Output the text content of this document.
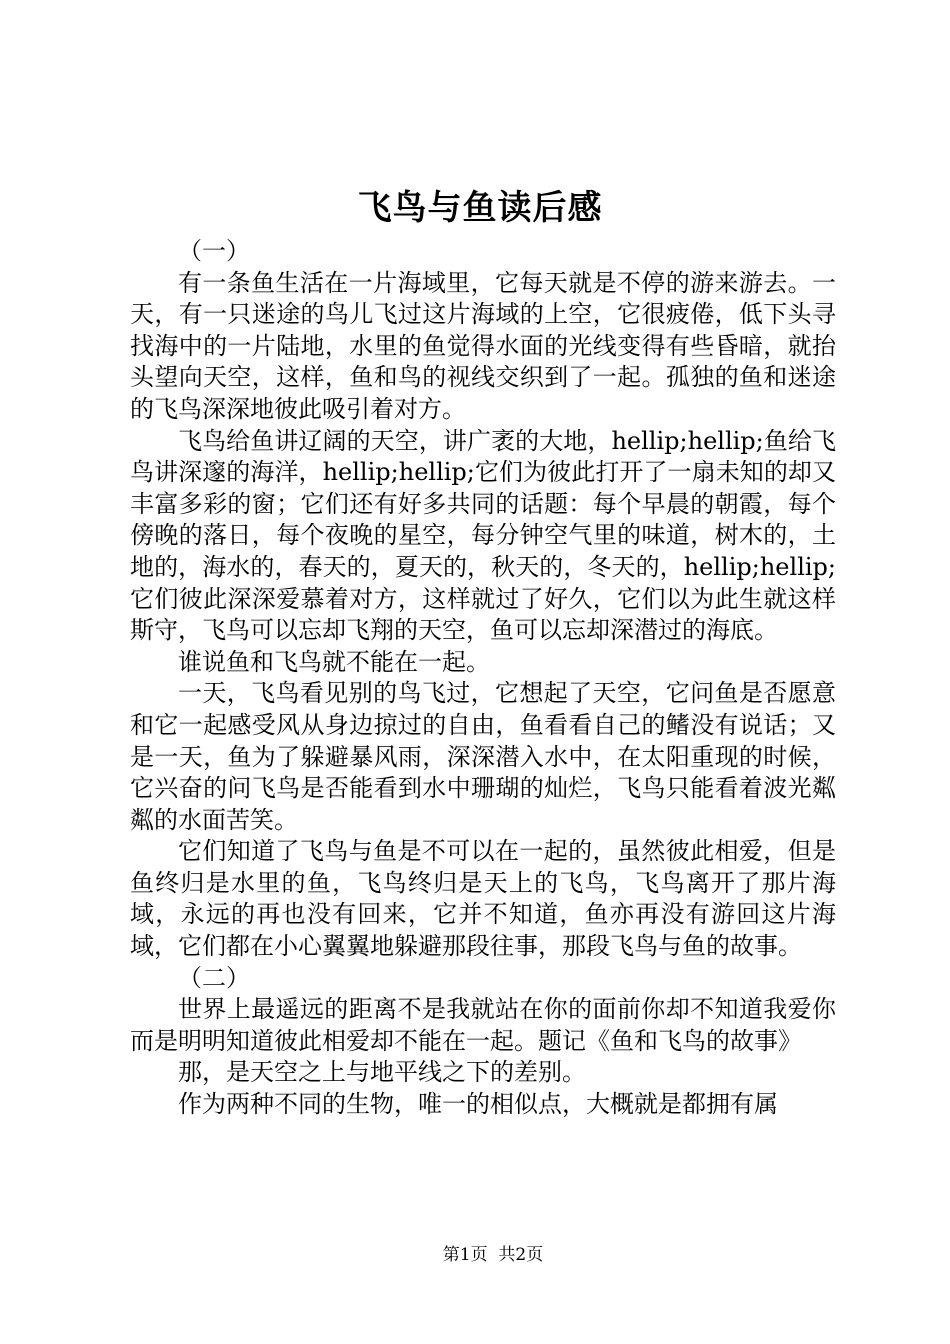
飞鸟与鱼读后感

（一）

有一条鱼生活在一片海域里，它每天就是不停的游来游去。一天，有一只迷途的鸟儿飞过这片海域的上空，它很疲倦，低下头寻找海中的一片陆地，水里的鱼觉得水面的光线变得有些昏暗，就抬头望向天空，这样，鱼和鸟的视线交织到了一起。孤独的鱼和迷途的飞鸟深深地彼此吸引着对方。

飞鸟给鱼讲辽阔的天空，讲广袤的大地，hellip;hellip;鱼给飞鸟讲深邃的海洋，hellip;hellip;它们为彼此打开了一扇未知的却又丰富多彩的窗；它们还有好多共同的话题：每个早晨的朝霞，每个傍晚的落日，每个夜晚的星空，每分钟空气里的味道，树木的，土地的，海水的，春天的，夏天的，秋天的，冬天的，hellip;hellip;它们彼此深深爱慕着对方，这样就过了好久，它们以为此生就这样斯守，飞鸟可以忘却飞翔的天空，鱼可以忘却深潜过的海底。

谁说鱼和飞鸟就不能在一起。

一天，飞鸟看见别的鸟飞过，它想起了天空，它问鱼是否愿意和它一起感受风从身边掠过的自由，鱼看看自己的鳍没有说话；又是一天，鱼为了躲避暴风雨，深深潜入水中，在太阳重现的时候，它兴奋的问飞鸟是否能看到水中珊瑚的灿烂，飞鸟只能看着波光粼粼的水面苦笑。

它们知道了飞鸟与鱼是不可以在一起的，虽然彼此相爱，但是鱼终归是水里的鱼，飞鸟终归是天上的飞鸟，飞鸟离开了那片海域，永远的再也没有回来，它并不知道，鱼亦再没有游回这片海域，它们都在小心翼翼地躲避那段往事，那段飞鸟与鱼的故事。

（二）

世界上最遥远的距离不是我就站在你的面前你却不知道我爱你而是明明知道彼此相爱却不能在一起。题记《鱼和飞鸟的故事》

那，是天空之上与地平线之下的差别。

作为两种不同的生物，唯一的相似点，大概就是都拥有属

第1页  共2页
